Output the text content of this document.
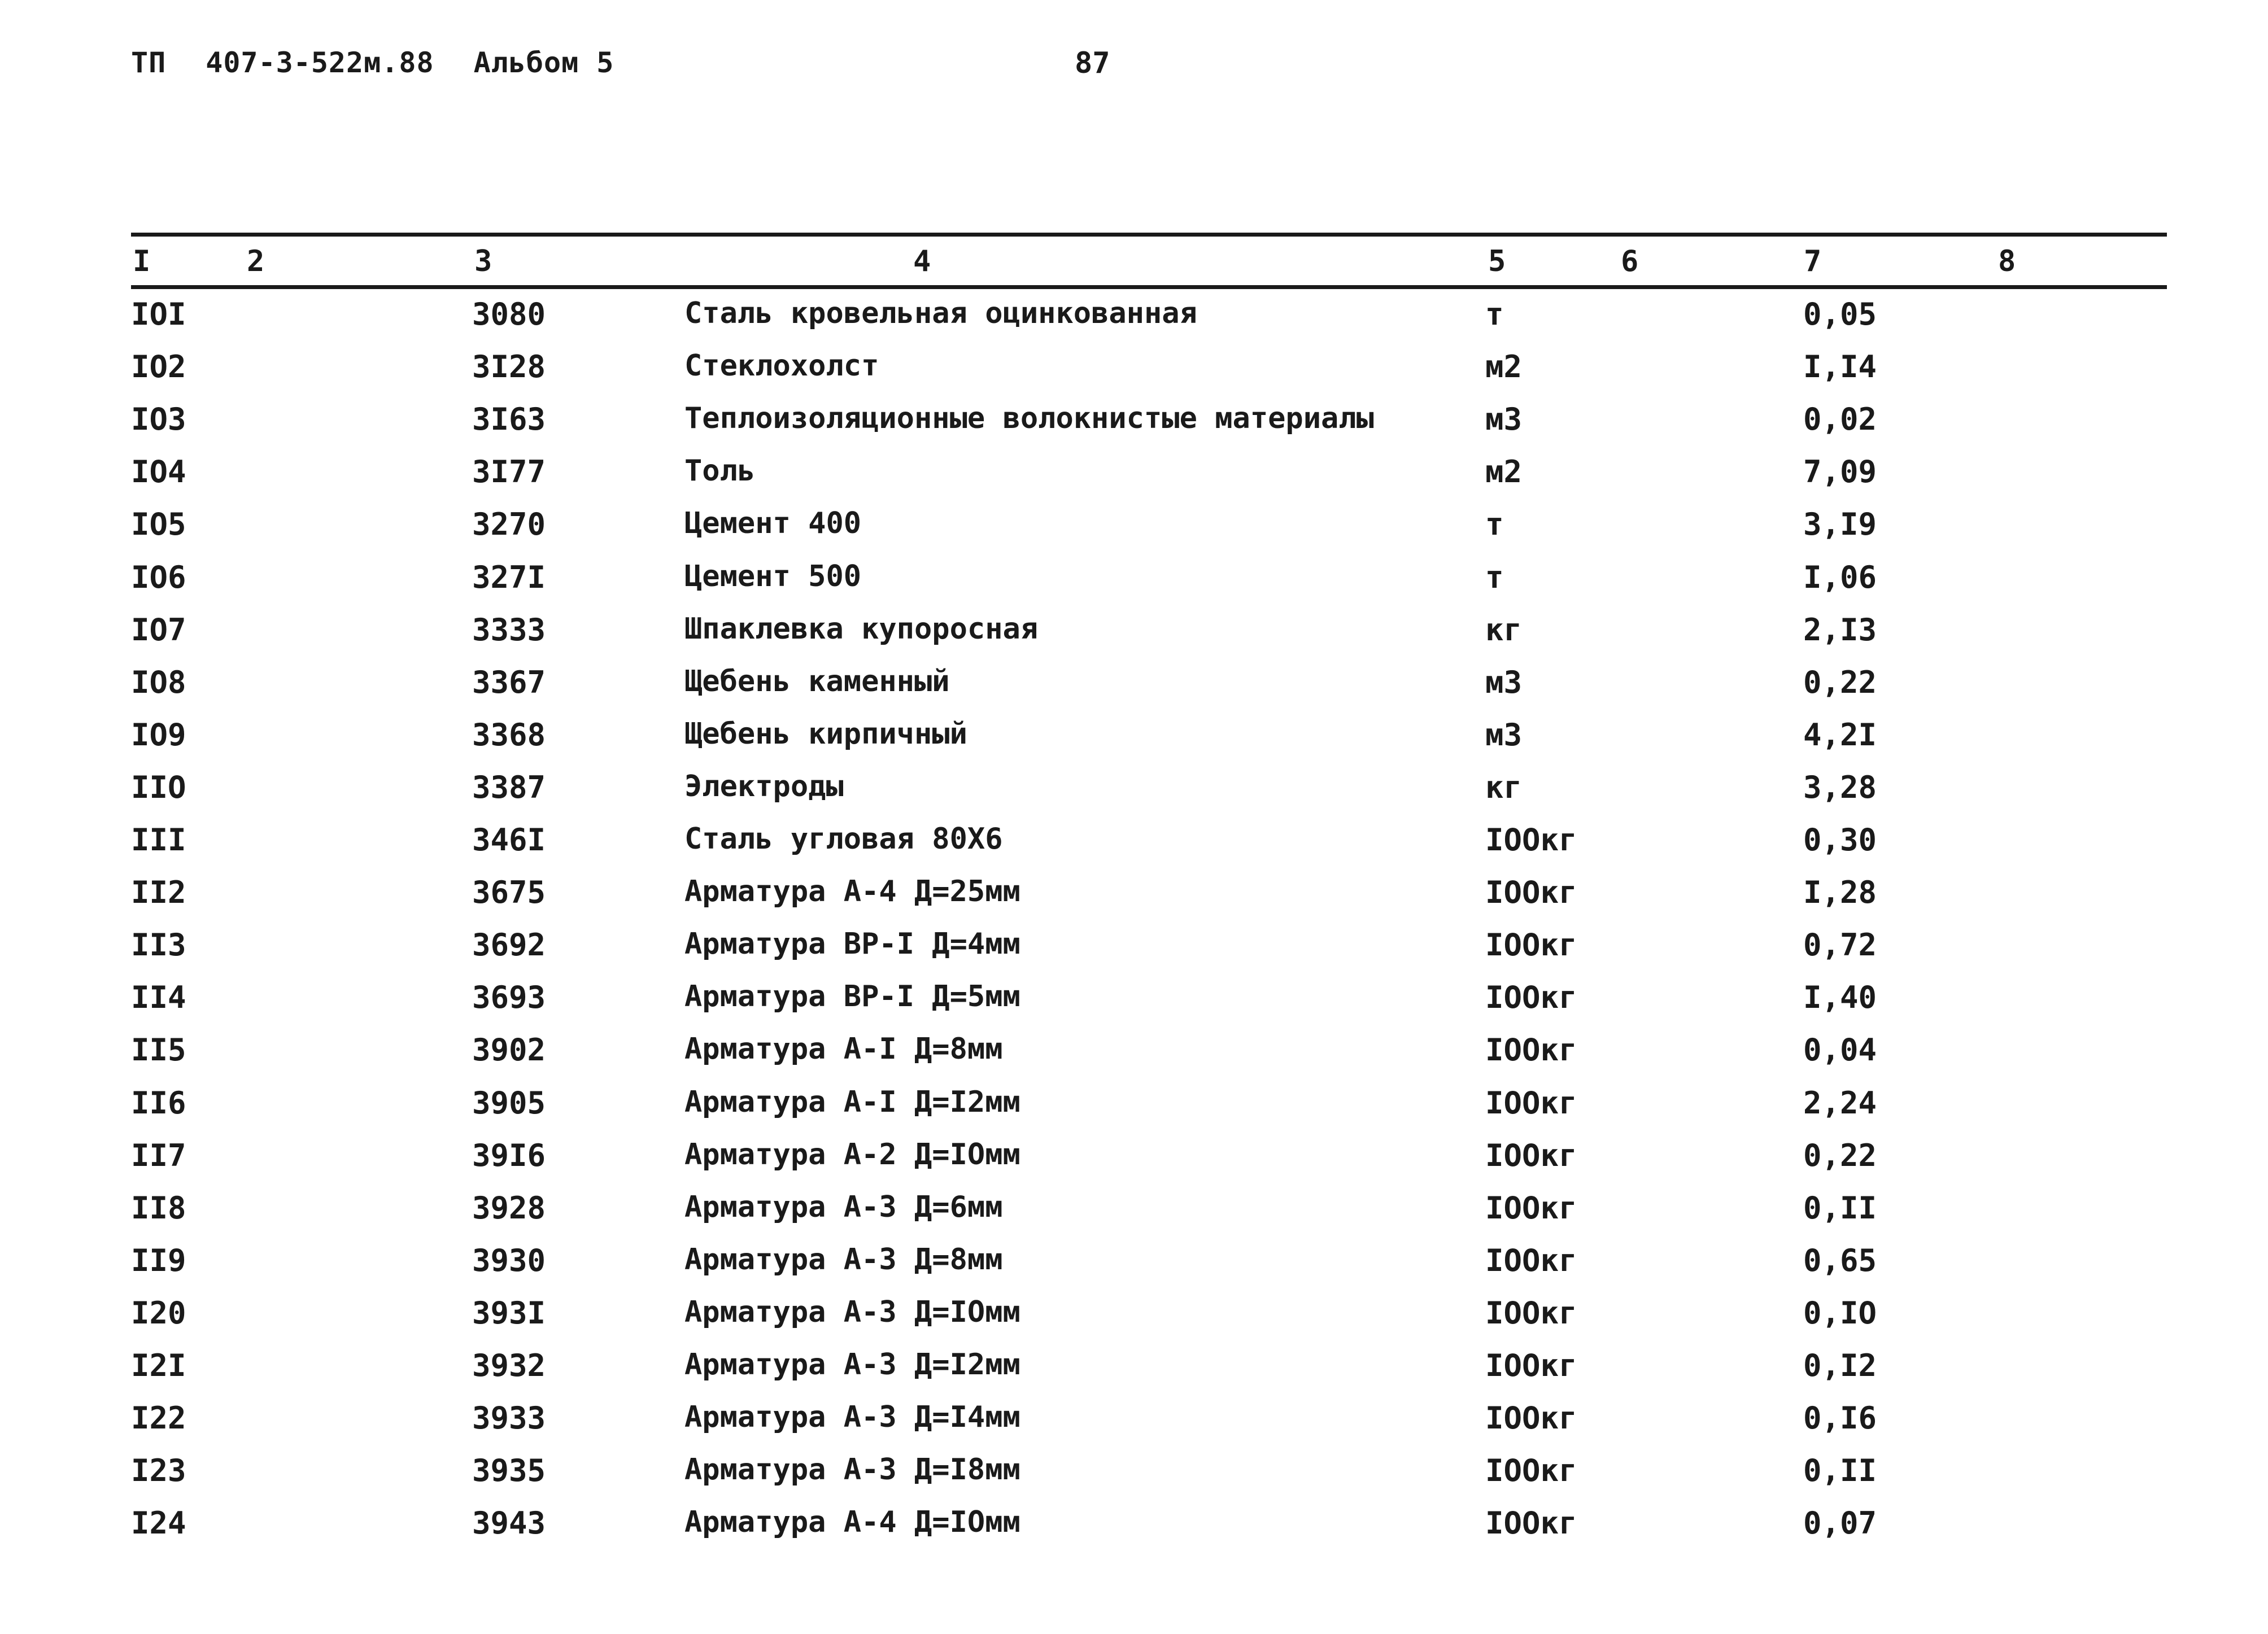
ТП 407-3-522м.88 Альбом 5	87
I	2	3	4	5	6	7	8
IOI	3080	Сталь кровельная оцинкованная	т	0,05
IO2	3I28	Стеклохолст	м2	I,I4
IO3	3I63	Теплоизоляционные волокнистые материалы	м3	0,02
IO4	3I77	Толь	м2	7,09
IO5	3270	Цемент 400	т	3,I9
IO6	327I	Цемент 500	т	I,06
IO7	3333	Шпаклевка купоросная	кг	2,I3
IO8	3367	Щебень каменный	м3	0,22
IO9	3368	Щебень кирпичный	м3	4,2I
IIO	3387	Электроды	кг	3,28
III	346I	Сталь угловая 80Х6	IOOкг	0,30
II2	3675	Арматура А-4 Д=25мм	IOOкг	I,28
II3	3692	Арматура ВР-I Д=4мм	IOOкг	0,72
II4	3693	Арматура ВР-I Д=5мм	IOOкг	I,40
II5	3902	Арматура А-I Д=8мм	IOOкг	0,04
II6	3905	Арматура А-I Д=I2мм	IOOкг	2,24
II7	39I6	Арматура А-2 Д=IOмм	IOOкг	0,22
II8	3928	Арматура А-3 Д=6мм	IOOкг	0,II
II9	3930	Арматура А-3 Д=8мм	IOOкг	0,65
I20	393I	Арматура А-3 Д=IOмм	IOOкг	0,IO
I2I	3932	Арматура А-3 Д=I2мм	IOOкг	0,I2
I22	3933	Арматура А-3 Д=I4мм	IOOкг	0,I6
I23	3935	Арматура А-3 Д=I8мм	IOOкг	0,II
I24	3943	Арматура А-4 Д=IOмм	IOOкг	0,07
